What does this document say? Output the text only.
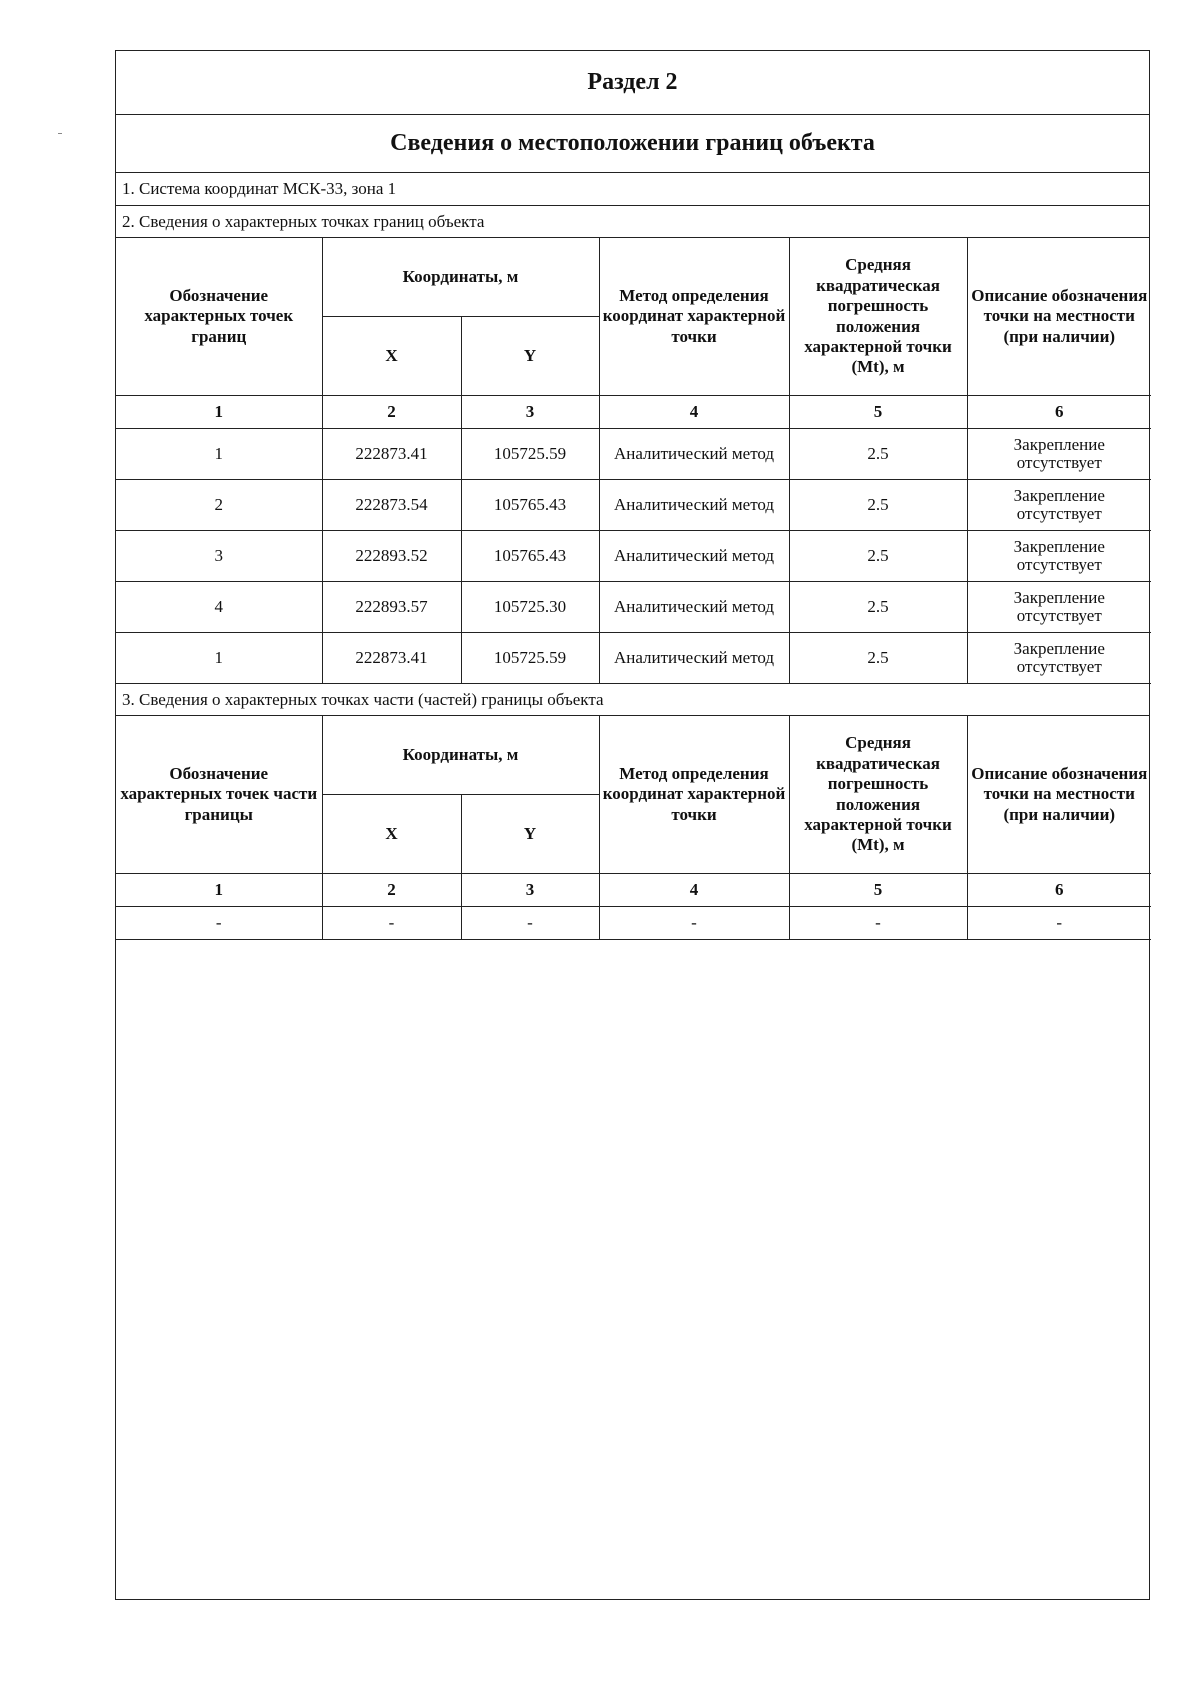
Раздел 2
Сведения о местоположении границ объекта
1. Система координат МСК-33, зона 1
2. Сведения о характерных точках границ объекта
Обозначение характерных точек границ	Координаты, м		Метод определения координат характерной точки	Средняя квадратическая погрешность положения характерной точки (Mt), м	Описание обозначения точки на местности (при наличии)
	X	Y			
1	2	3	4	5	6
1	222873.41	105725.59	Аналитический метод	2.5	Закрепление отсутствует
2	222873.54	105765.43	Аналитический метод	2.5	Закрепление отсутствует
3	222893.52	105765.43	Аналитический метод	2.5	Закрепление отсутствует
4	222893.57	105725.30	Аналитический метод	2.5	Закрепление отсутствует
1	222873.41	105725.59	Аналитический метод	2.5	Закрепление отсутствует
3. Сведения о характерных точках части (частей) границы объекта
Обозначение характерных точек части границы	Координаты, м		Метод определения координат характерной точки	Средняя квадратическая погрешность положения характерной точки (Mt), м	Описание обозначения точки на местности (при наличии)
	X	Y			
1	2	3	4	5	6
-	-	-	-	-	-
